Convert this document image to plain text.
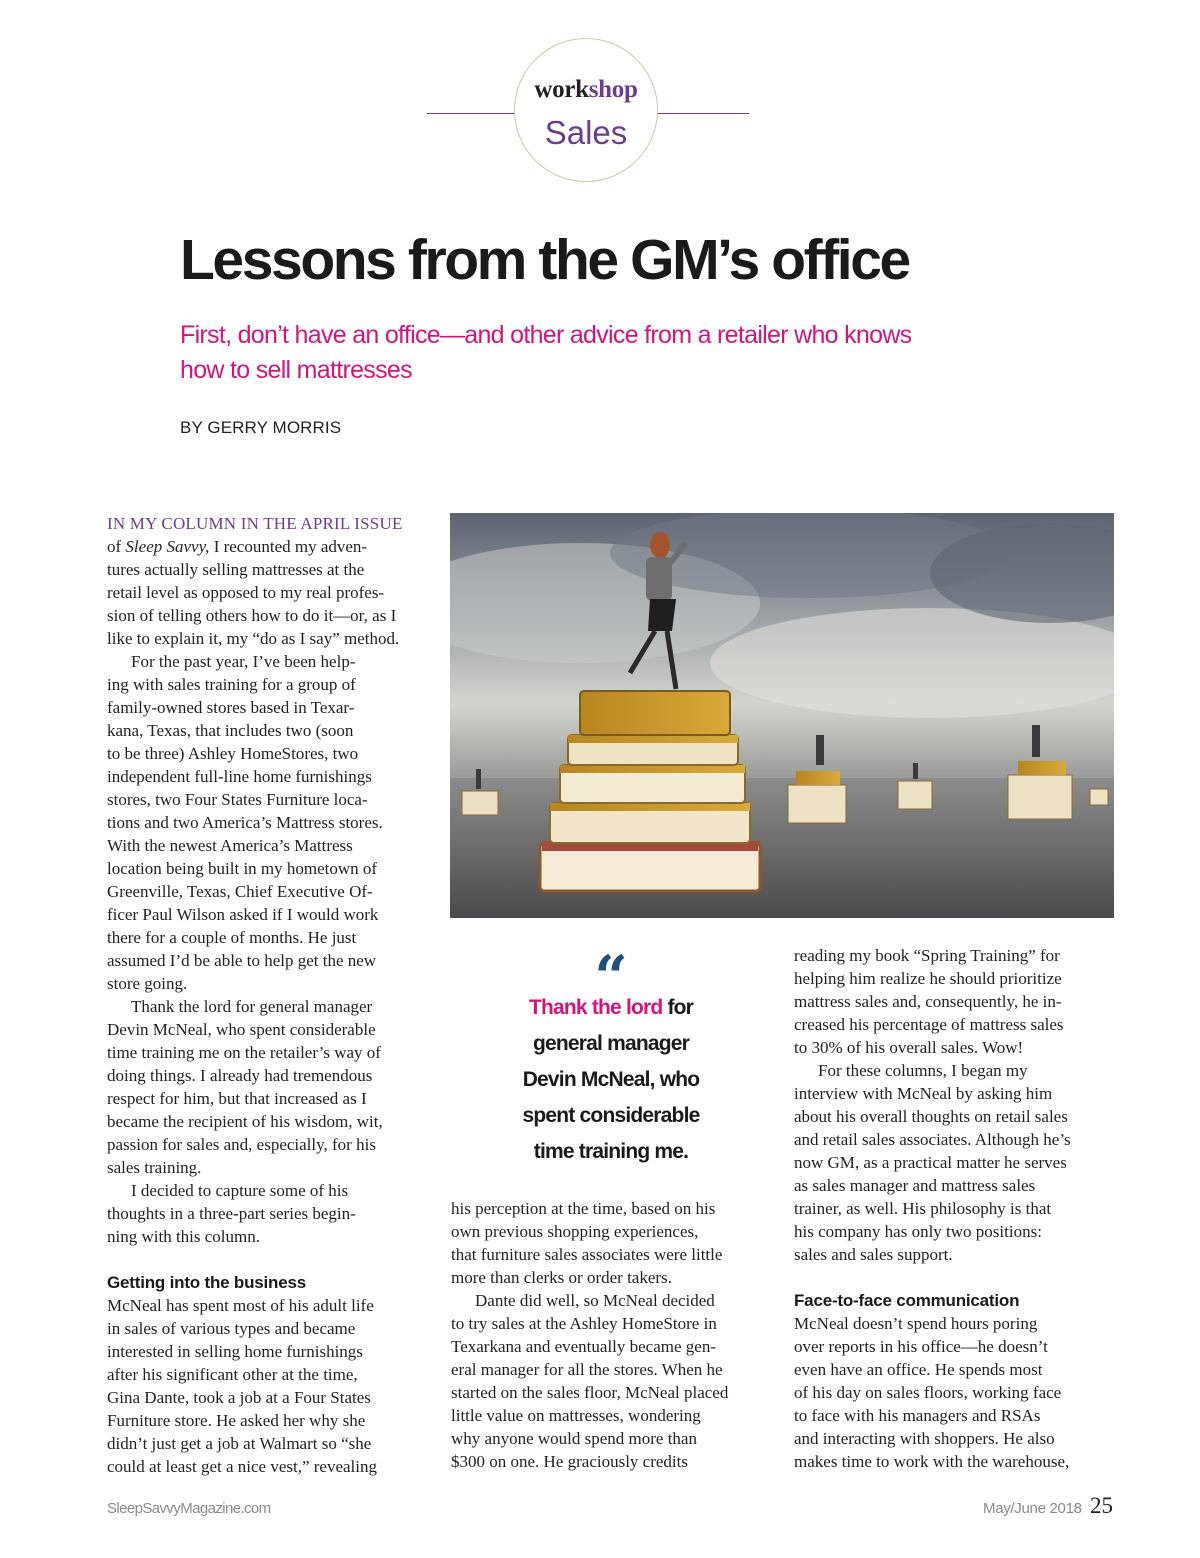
workshop
Sales
Lessons from the GM’s office
First, don’t have an office—and other advice from a retailer who knows
how to sell mattresses
BY GERRY MORRIS
IN MY COLUMN IN THE APRIL ISSUE
of Sleep Savvy, I recounted my adven-
tures actually selling mattresses at the
retail level as opposed to my real profes-
sion of telling others how to do it—or, as I
like to explain it, my “do as I say” method.
For the past year, I’ve been help-
ing with sales training for a group of
family-owned stores based in Texar-
kana, Texas, that includes two (soon
to be three) Ashley HomeStores, two
independent full-line home furnishings
stores, two Four States Furniture loca-
tions and two America’s Mattress stores.
With the newest America’s Mattress
location being built in my hometown of
Greenville, Texas, Chief Executive Of-
ficer Paul Wilson asked if I would work
there for a couple of months. He just
assumed I’d be able to help get the new
store going.
Thank the lord for general manager
Devin McNeal, who spent considerable
time training me on the retailer’s way of
doing things. I already had tremendous
respect for him, but that increased as I
became the recipient of his wisdom, wit,
passion for sales and, especially, for his
sales training.
I decided to capture some of his
thoughts in a three-part series begin-
ning with this column.
Getting into the business
McNeal has spent most of his adult life
in sales of various types and became
interested in selling home furnishings
after his significant other at the time,
Gina Dante, took a job at a Four States
Furniture store. He asked her why she
didn’t just get a job at Walmart so “she
could at least get a nice vest,” revealing
“
Thank the lord for
general manager
Devin McNeal, who
spent considerable
time training me.
his perception at the time, based on his
own previous shopping experiences,
that furniture sales associates were little
more than clerks or order takers.
Dante did well, so McNeal decided
to try sales at the Ashley HomeStore in
Texarkana and eventually became gen-
eral manager for all the stores. When he
started on the sales floor, McNeal placed
little value on mattresses, wondering
why anyone would spend more than
$300 on one. He graciously credits
reading my book “Spring Training” for
helping him realize he should prioritize
mattress sales and, consequently, he in-
creased his percentage of mattress sales
to 30% of his overall sales. Wow!
For these columns, I began my
interview with McNeal by asking him
about his overall thoughts on retail sales
and retail sales associates. Although he’s
now GM, as a practical matter he serves
as sales manager and mattress sales
trainer, as well. His philosophy is that
his company has only two positions:
sales and sales support.
Face-to-face communication
McNeal doesn’t spend hours poring
over reports in his office—he doesn’t
even have an office. He spends most
of his day on sales floors, working face
to face with his managers and RSAs
and interacting with shoppers. He also
makes time to work with the warehouse,
SleepSavvyMagazine.com	May/June 2018 25
